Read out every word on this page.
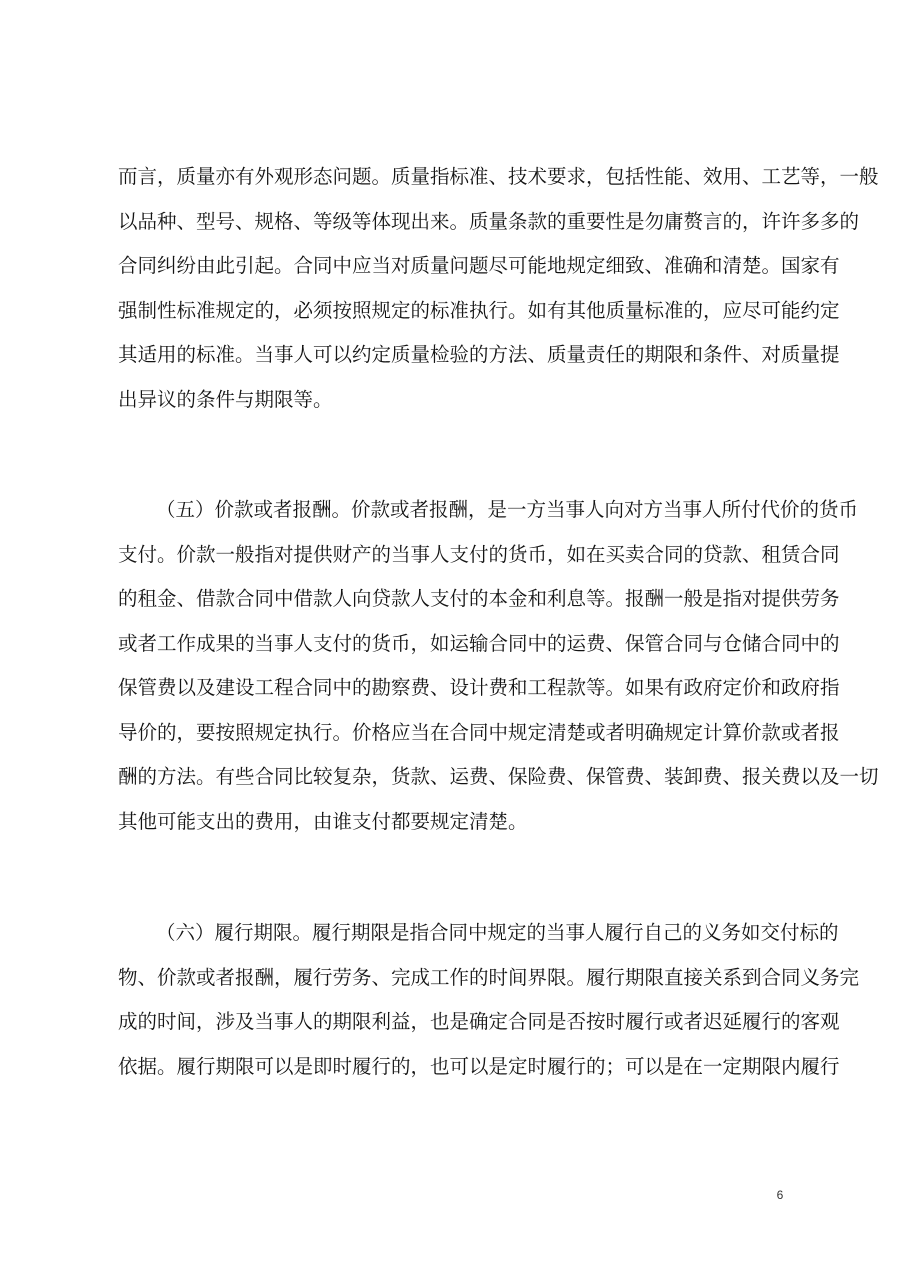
而言，质量亦有外观形态问题。质量指标准、技术要求，包括性能、效用、工艺等，一般
以品种、型号、规格、等级等体现出来。质量条款的重要性是勿庸赘言的，许许多多的
合同纠纷由此引起。合同中应当对质量问题尽可能地规定细致、准确和清楚。国家有
强制性标准规定的，必须按照规定的标准执行。如有其他质量标准的，应尽可能约定
其适用的标准。当事人可以约定质量检验的方法、质量责任的期限和条件、对质量提
出异议的条件与期限等。
（五）价款或者报酬。价款或者报酬，是一方当事人向对方当事人所付代价的货币
支付。价款一般指对提供财产的当事人支付的货币，如在买卖合同的贷款、租赁合同
的租金、借款合同中借款人向贷款人支付的本金和利息等。报酬一般是指对提供劳务
或者工作成果的当事人支付的货币，如运输合同中的运费、保管合同与仓储合同中的
保管费以及建设工程合同中的勘察费、设计费和工程款等。如果有政府定价和政府指
导价的，要按照规定执行。价格应当在合同中规定清楚或者明确规定计算价款或者报
酬的方法。有些合同比较复杂，货款、运费、保险费、保管费、装卸费、报关费以及一切
其他可能支出的费用，由谁支付都要规定清楚。
（六）履行期限。履行期限是指合同中规定的当事人履行自己的义务如交付标的
物、价款或者报酬，履行劳务、完成工作的时间界限。履行期限直接关系到合同义务完
成的时间，涉及当事人的期限利益，也是确定合同是否按时履行或者迟延履行的客观
依据。履行期限可以是即时履行的，也可以是定时履行的；可以是在一定期限内履行
6
